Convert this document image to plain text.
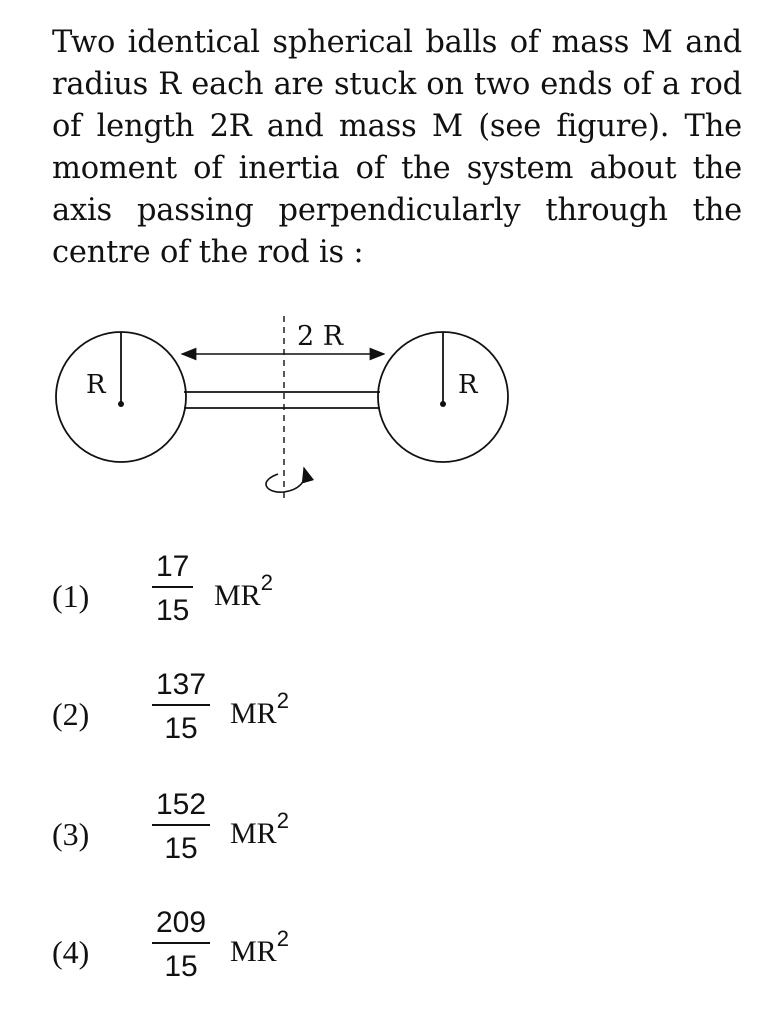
Two identical spherical balls of mass M and radius R each are stuck on two ends of a rod of length 2R and mass M (see figure). The moment of inertia of the system about the axis passing perpendicularly through the centre of the rod is :

R	R
2 R
$(1) \frac{17}{15} MR^2$
$(2) \frac{137}{15} MR^2$
$(3) \frac{152}{15} MR^2$
$(4) \frac{209}{15} MR^2$
